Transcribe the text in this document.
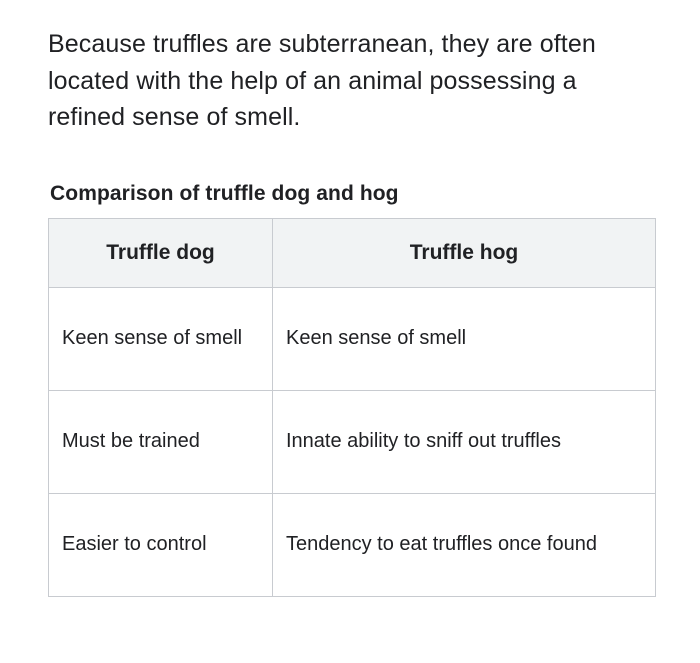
Because truffles are subterranean, they are often located with the help of an animal possessing a refined sense of smell.

Comparison of truffle dog and hog
Truffle dog	Truffle hog
Keen sense of smell	Keen sense of smell
Must be trained	Innate ability to sniff out truffles
Easier to control	Tendency to eat truffles once found
